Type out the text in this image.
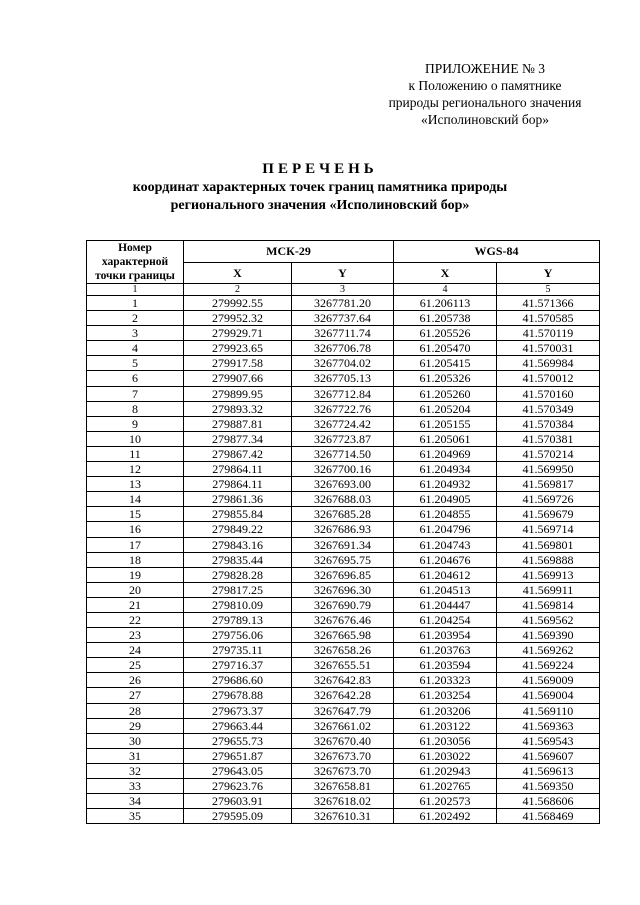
ПРИЛОЖЕНИЕ № 3
к Положению о памятнике
природы регионального значения
«Исполиновский бор»
ПЕРЕЧЕНЬ
координат характерных точек границ памятника природы
регионального значения «Исполиновский бор»
Номер характерной точки границы	МСК-29		WGS-84	
	X	Y	X	Y
1	2	3	4	5
1	279992.55	3267781.20	61.206113	41.571366
2	279952.32	3267737.64	61.205738	41.570585
3	279929.71	3267711.74	61.205526	41.570119
4	279923.65	3267706.78	61.205470	41.570031
5	279917.58	3267704.02	61.205415	41.569984
6	279907.66	3267705.13	61.205326	41.570012
7	279899.95	3267712.84	61.205260	41.570160
8	279893.32	3267722.76	61.205204	41.570349
9	279887.81	3267724.42	61.205155	41.570384
10	279877.34	3267723.87	61.205061	41.570381
11	279867.42	3267714.50	61.204969	41.570214
12	279864.11	3267700.16	61.204934	41.569950
13	279864.11	3267693.00	61.204932	41.569817
14	279861.36	3267688.03	61.204905	41.569726
15	279855.84	3267685.28	61.204855	41.569679
16	279849.22	3267686.93	61.204796	41.569714
17	279843.16	3267691.34	61.204743	41.569801
18	279835.44	3267695.75	61.204676	41.569888
19	279828.28	3267696.85	61.204612	41.569913
20	279817.25	3267696.30	61.204513	41.569911
21	279810.09	3267690.79	61.204447	41.569814
22	279789.13	3267676.46	61.204254	41.569562
23	279756.06	3267665.98	61.203954	41.569390
24	279735.11	3267658.26	61.203763	41.569262
25	279716.37	3267655.51	61.203594	41.569224
26	279686.60	3267642.83	61.203323	41.569009
27	279678.88	3267642.28	61.203254	41.569004
28	279673.37	3267647.79	61.203206	41.569110
29	279663.44	3267661.02	61.203122	41.569363
30	279655.73	3267670.40	61.203056	41.569543
31	279651.87	3267673.70	61.203022	41.569607
32	279643.05	3267673.70	61.202943	41.569613
33	279623.76	3267658.81	61.202765	41.569350
34	279603.91	3267618.02	61.202573	41.568606
35	279595.09	3267610.31	61.202492	41.568469
